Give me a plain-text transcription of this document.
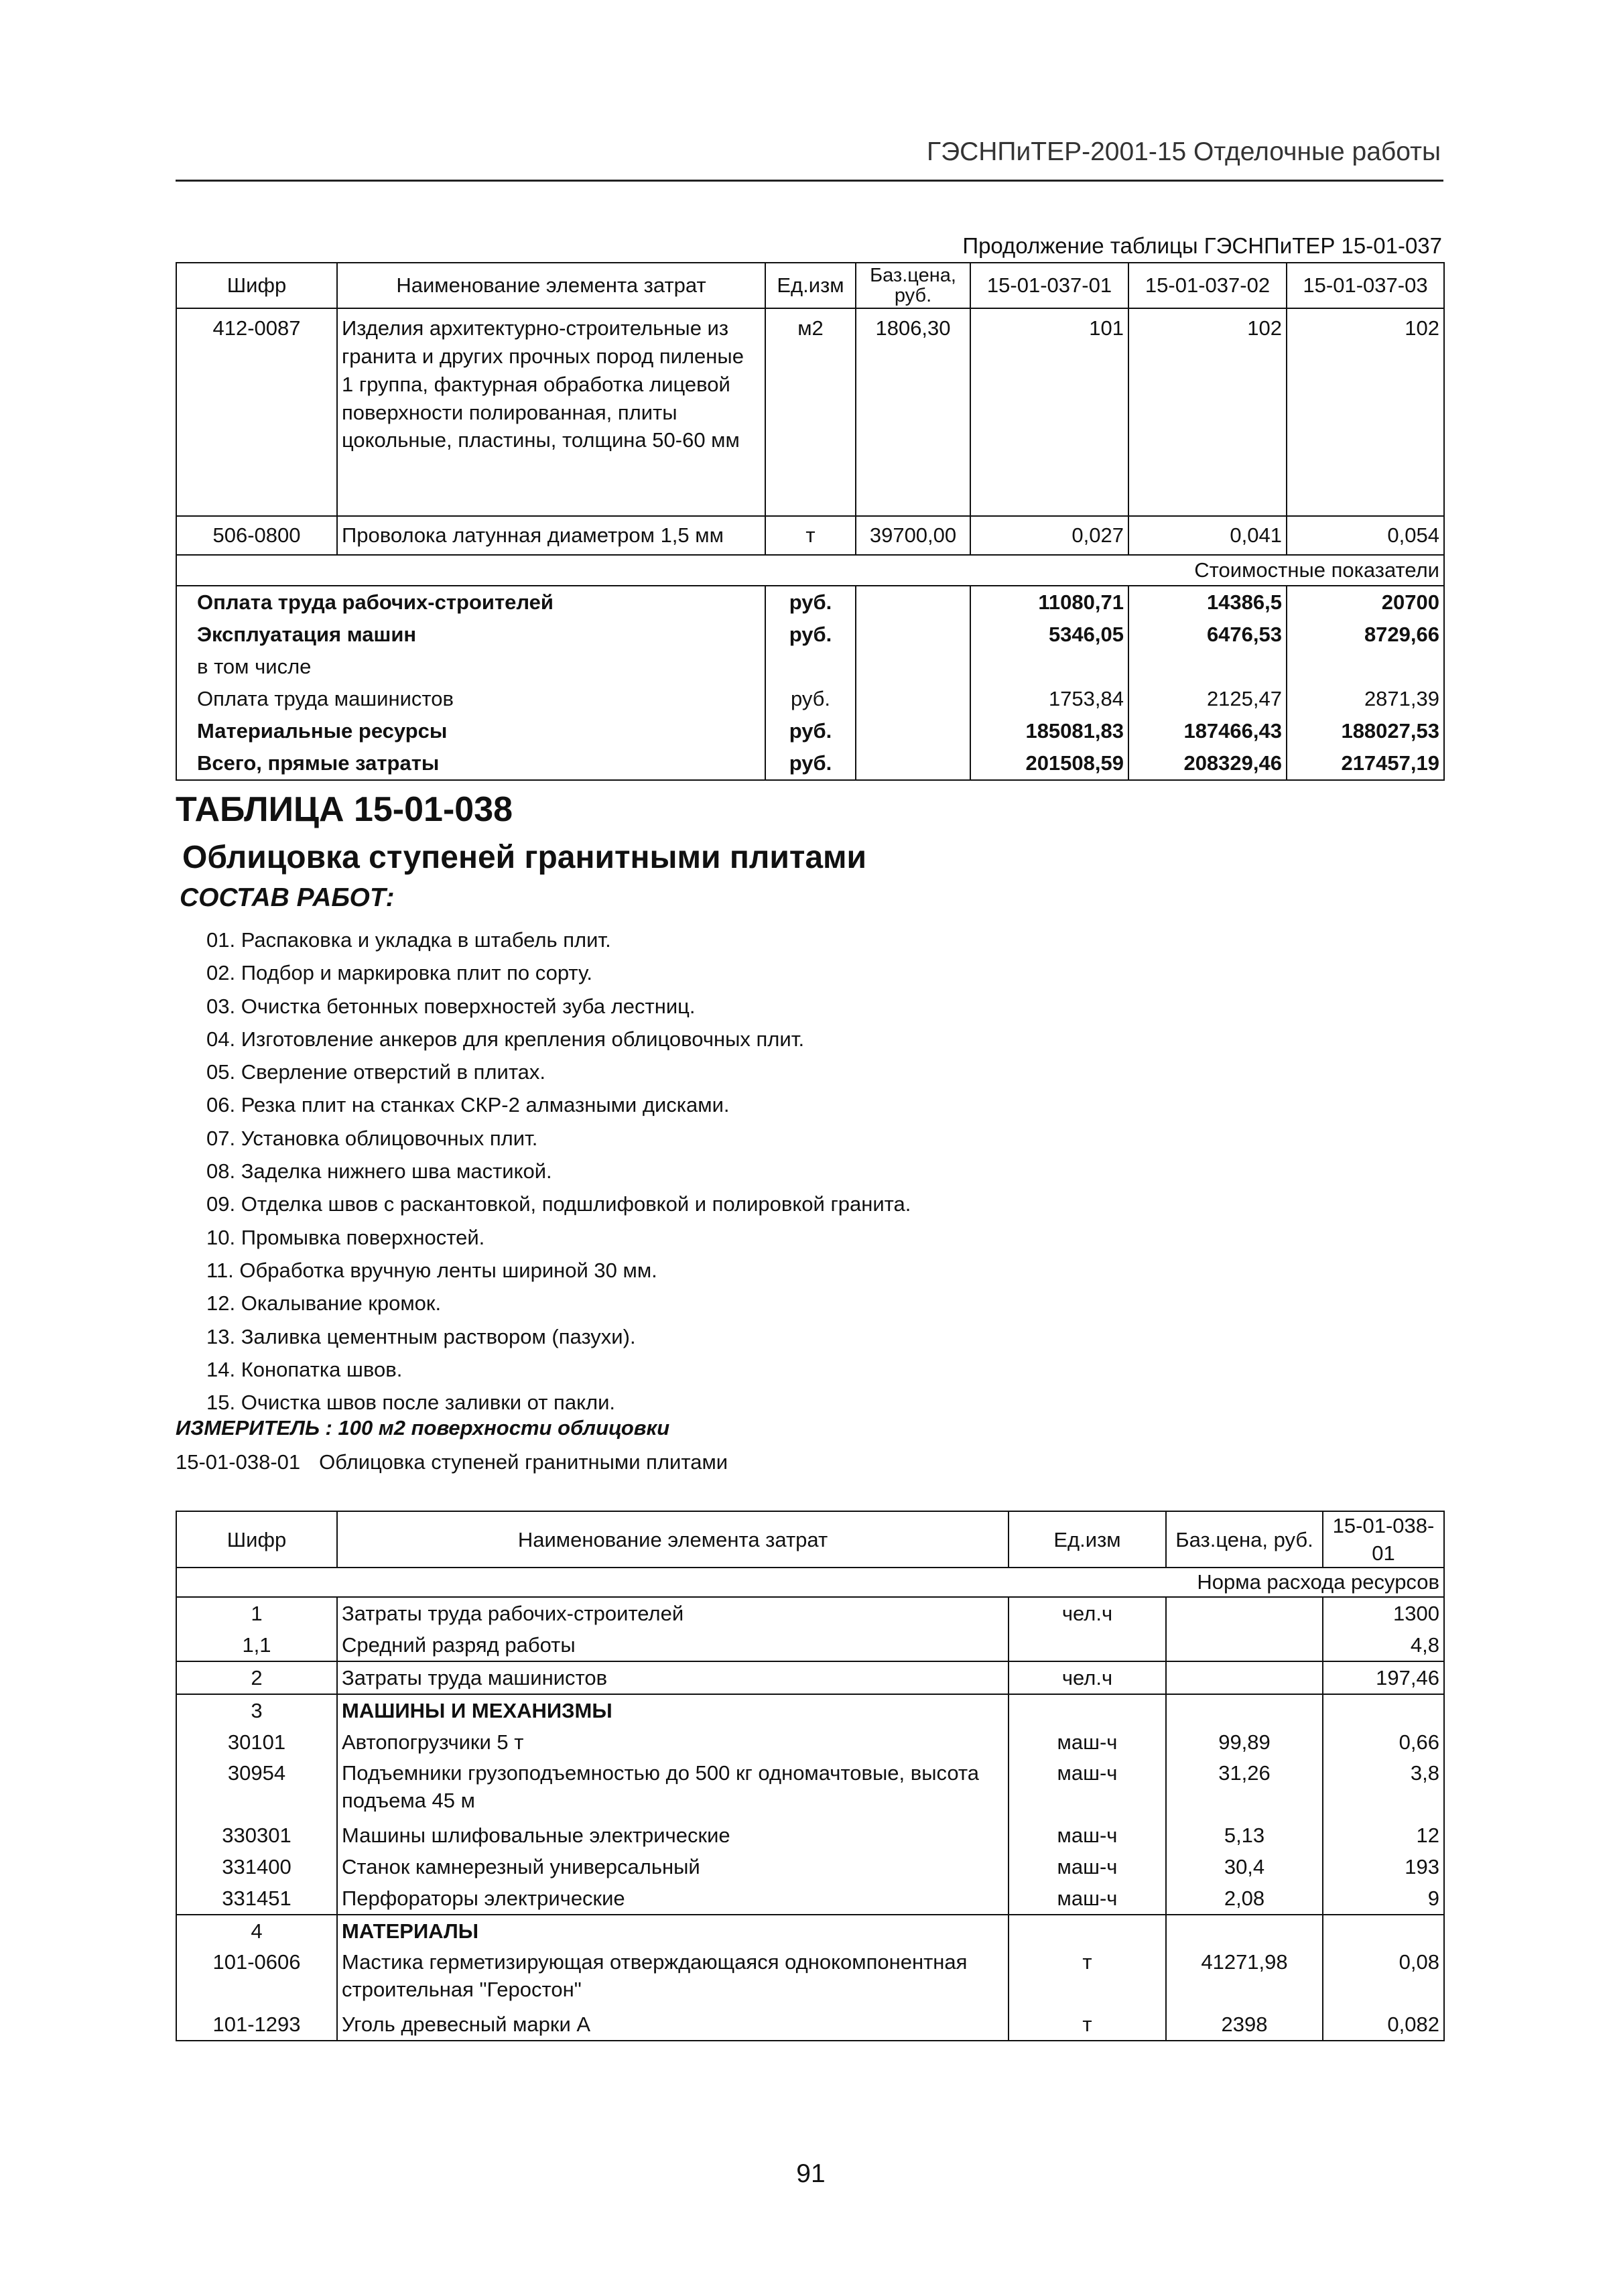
ГЭСНПиТЕР-2001-15 Отделочные работы
Продолжение таблицы ГЭСНПиТЕР 15-01-037
Шифр	Наименование элемента затрат	Ед.изм	Баз.цена, руб.	15-01-037-01	15-01-037-02	15-01-037-03
412-0087	Изделия архитектурно-строительные из гранита и других прочных пород пиленые 1 группа, фактурная обработка лицевой поверхности полированная, плиты цокольные, пластины, толщина 50-60 мм	м2	1806,30	101	102	102
506-0800	Проволока латунная диаметром 1,5 мм	т	39700,00	0,027	0,041	0,054
Стоимостные показатели						
Оплата труда рабочих-строителей		руб.		11080,71	14386,5	20700
Эксплуатация машин		руб.		5346,05	6476,53	8729,66
в том числе						
Оплата труда машинистов		руб.		1753,84	2125,47	2871,39
Материальные ресурсы		руб.		185081,83	187466,43	188027,53
Всего, прямые затраты		руб.		201508,59	208329,46	217457,19
ТАБЛИЦА 15-01-038
Облицовка ступеней гранитными плитами
СОСТАВ РАБОТ:
01. Распаковка и укладка в штабель плит.
02. Подбор и маркировка плит по сорту.
03. Очистка бетонных поверхностей зуба лестниц.
04. Изготовление анкеров для крепления облицовочных плит.
05. Сверление отверстий в плитах.
06. Резка плит на станках СКР-2 алмазными дисками.
07. Установка облицовочных плит.
08. Заделка нижнего шва мастикой.
09. Отделка швов с раскантовкой, подшлифовкой и полировкой гранита.
10. Промывка поверхностей.
11. Обработка вручную ленты шириной 30 мм.
12. Окалывание кромок.
13. Заливка цементным раствором (пазухи).
14. Конопатка швов.
15. Очистка швов после заливки от пакли.
ИЗМЕРИТЕЛЬ : 100 м2 поверхности облицовки
15-01-038-01 Облицовка ступеней гранитными плитами
Шифр	Наименование элемента затрат	Ед.изм	Баз.цена, руб.	15-01-038-01
Норма расхода ресурсов				
1	Затраты труда рабочих-строителей	чел.ч		1300
1,1	Средний разряд работы			4,8
2	Затраты труда машинистов	чел.ч		197,46
3	МАШИНЫ И МЕХАНИЗМЫ			
30101	Автопогрузчики 5 т	маш-ч	99,89	0,66
30954	Подъемники грузоподъемностью до 500 кг одномачтовые, высота подъема 45 м	маш-ч	31,26	3,8
330301	Машины шлифовальные электрические	маш-ч	5,13	12
331400	Станок камнерезный универсальный	маш-ч	30,4	193
331451	Перфораторы электрические	маш-ч	2,08	9
4	МАТЕРИАЛЫ			
101-0606	Мастика герметизирующая отверждающаяся однокомпонентная строительная "Героcтон"	т	41271,98	0,08
101-1293	Уголь древесный марки А	т	2398	0,082
91
